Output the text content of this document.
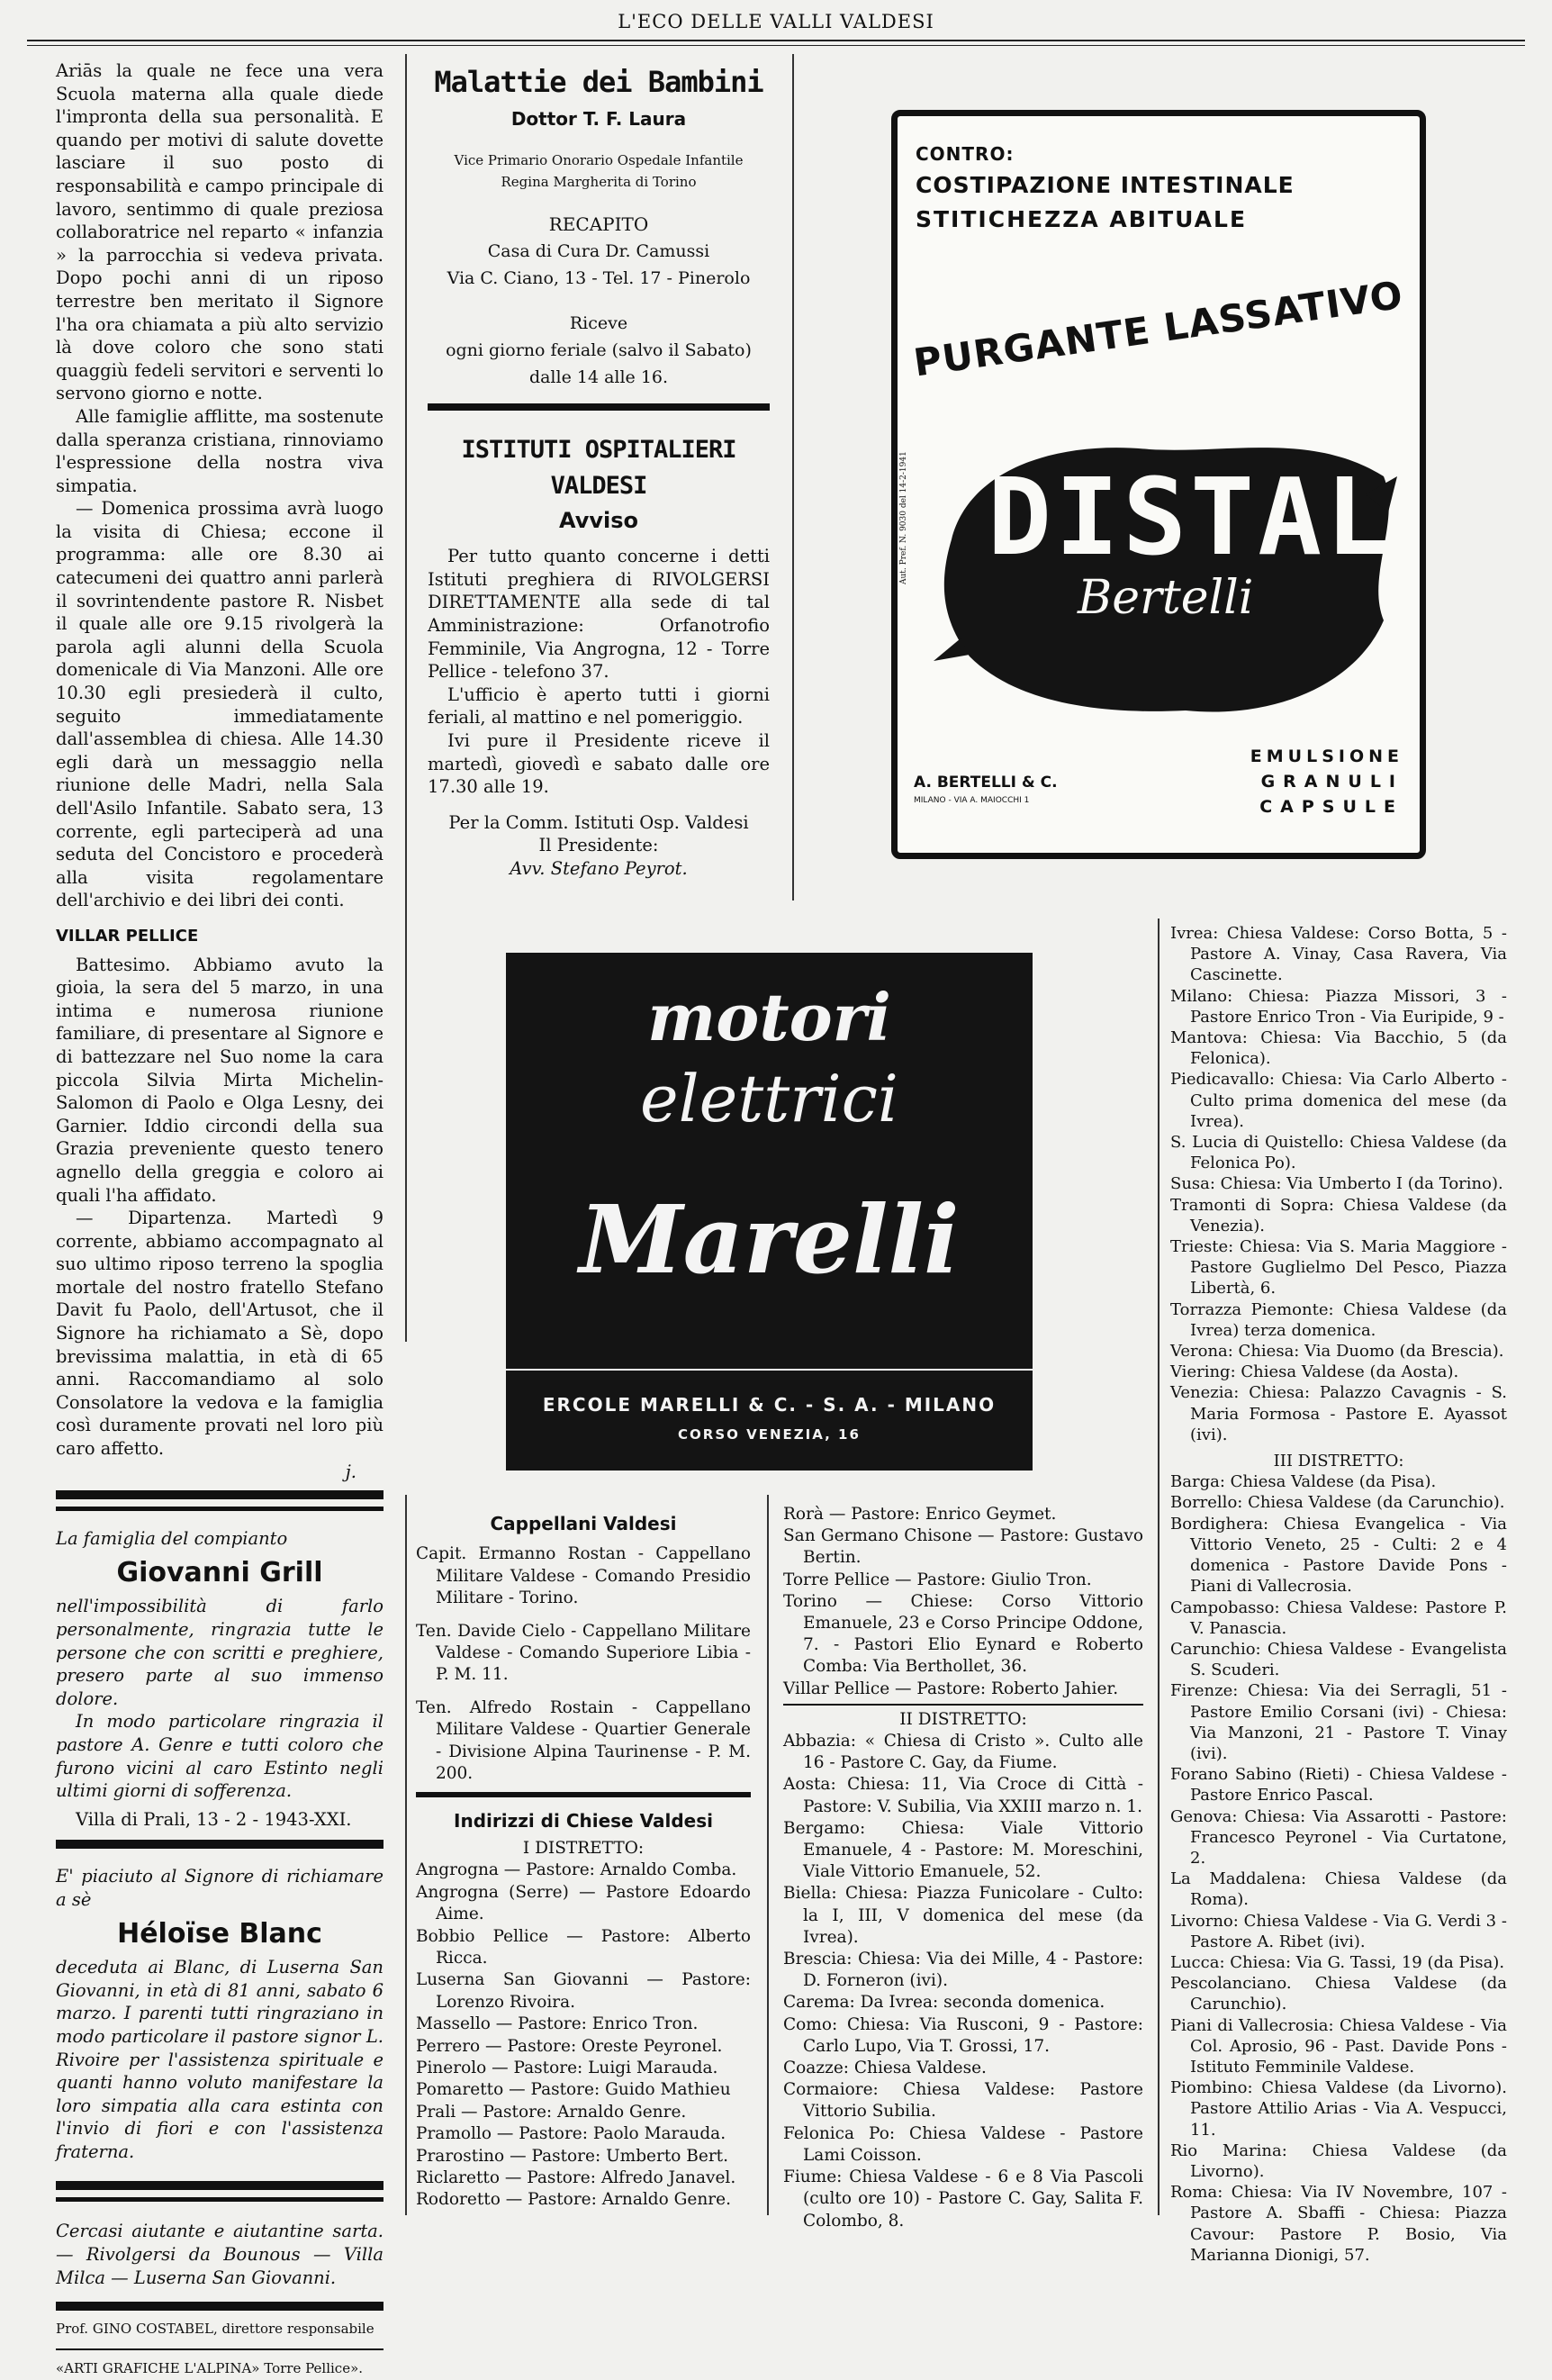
L'ECO DELLE VALLI VALDESI

Ariās la quale ne fece una vera Scuola materna alla quale diede l'impronta della sua personalità. E quando per motivi di salute dovette lasciare il suo posto di responsabilità e campo principale di lavoro, sentimmo di quale preziosa collaboratrice nel reparto « infanzia » la parrocchia si vedeva privata. Dopo pochi anni di un riposo terrestre ben meritato il Signore l'ha ora chiamata a più alto servizio là dove coloro che sono stati quaggiù fedeli servitori e serventi lo servono giorno e notte.

Alle famiglie afflitte, ma sostenute dalla speranza cristiana, rinnoviamo l'espressione della nostra viva simpatia.

— Domenica prossima avrà luogo la visita di Chiesa; eccone il programma: alle ore 8.30 ai catecumeni dei quattro anni parlerà il sovrintendente pastore R. Nisbet il quale alle ore 9.15 rivolgerà la parola agli alunni della Scuola domenicale di Via Manzoni. Alle ore 10.30 egli presiederà il culto, seguito immediatamente dall'assemblea di chiesa. Alle 14.30 egli darà un messaggio nella riunione delle Madri, nella Sala dell'Asilo Infantile. Sabato sera, 13 corrente, egli parteciperà ad una seduta del Concistoro e procederà alla visita regolamentare dell'archivio e dei libri dei conti.

VILLAR PELLICE

Battesimo. Abbiamo avuto la gioia, la sera del 5 marzo, in una intima e numerosa riunione familiare, di presentare al Signore e di battezzare nel Suo nome la cara piccola Silvia Mirta Michelin-Salomon di Paolo e Olga Lesny, dei Garnier. Iddio circondi della sua Grazia preveniente questo tenero agnello della greggia e coloro ai quali l'ha affidato.

— Dipartenza. Martedì 9 corrente, abbiamo accompagnato al suo ultimo riposo terreno la spoglia mortale del nostro fratello Stefano Davit fu Paolo, dell'Artusot, che il Signore ha richiamato a Sè, dopo brevissima malattia, in età di 65 anni. Raccomandiamo al solo Consolatore la vedova e la famiglia così duramente provati nel loro più caro affetto.

j.

La famiglia del compianto

Giovanni Grill

nell'impossibilità di farlo personalmente, ringrazia tutte le persone che con scritti e preghiere, presero parte al suo immenso dolore.

In modo particolare ringrazia il pastore A. Genre e tutti coloro che furono vicini al caro Estinto negli ultimi giorni di sofferenza.

Villa di Prali, 13 - 2 - 1943-XXI.

E' piaciuto al Signore di richiamare a sè

Héloïse Blanc

deceduta ai Blanc, di Luserna San Giovanni, in età di 81 anni, sabato 6 marzo. I parenti tutti ringraziano in modo particolare il pastore signor L. Rivoire per l'assistenza spirituale e quanti hanno voluto manifestare la loro simpatia alla cara estinta con l'invio di fiori e con l'assistenza fraterna.

Cercasi aiutante e aiutantine sarta. — Rivolgersi da Bounous — Villa Milca — Luserna San Giovanni.

Prof. GINO COSTABEL, direttore responsabile

«ARTI GRAFICHE L'ALPINA» Torre Pellice».

Malattie dei Bambini
Dottor T. F. Laura
Vice Primario Onorario Ospedale Infantile
Regina Margherita di Torino
RECAPITO
Casa di Cura Dr. Camussi
Via C. Ciano, 13 - Tel. 17 - Pinerolo
Riceve
ogni giorno feriale (salvo il Sabato)
dalle 14 alle 16.
ISTITUTI OSPITALIERI VALDESI
Avviso

Per tutto quanto concerne i detti Istituti preghiera di RIVOLGERSI DIRETTAMENTE alla sede di tal Amministrazione: Orfanotrofio Femminile, Via Angrogna, 12 - Torre Pellice - telefono 37.

L'ufficio è aperto tutti i giorni feriali, al mattino e nel pomeriggio.

Ivi pure il Presidente riceve il martedì, giovedì e sabato dalle ore 17.30 alle 19.

Per la Comm. Istituti Osp. Valdesi

Il Presidente:

Avv. Stefano Peyrot.

CONTRO:
COSTIPAZIONE INTESTINALE
STITICHEZZA ABITUALE
PURGANTE LASSATIVO
DISTAL
Bertelli
Aut. Pref. N. 9030 del 14-2-1941
A. BERTELLI & C.
MILANO - VIA A. MAIOCCHI 1
EMULSIONE
GRANULI
CAPSULE
motori
elettrici
Marelli
ERCOLE MARELLI & C. - S. A. - MILANO
CORSO VENEZIA, 16
Cappellani Valdesi

Capit. Ermanno Rostan - Cappellano Militare Valdese - Comando Presidio Militare - Torino.

Ten. Davide Cielo - Cappellano Militare Valdese - Comando Superiore Libia - P. M. 11.

Ten. Alfredo Rostain - Cappellano Militare Valdese - Quartier Generale - Divisione Alpina Taurinense - P. M. 200.

Indirizzi di Chiese Valdesi
I DISTRETTO:

Angrogna — Pastore: Arnaldo Comba.

Angrogna (Serre) — Pastore Edoardo Aime.

Bobbio Pellice — Pastore: Alberto Ricca.

Luserna San Giovanni — Pastore: Lorenzo Rivoira.

Massello — Pastore: Enrico Tron.

Perrero — Pastore: Oreste Peyronel.

Pinerolo — Pastore: Luigi Marauda.

Pomaretto — Pastore: Guido Mathieu

Prali — Pastore: Arnaldo Genre.

Pramollo — Pastore: Paolo Marauda.

Prarostino — Pastore: Umberto Bert.

Riclaretto — Pastore: Alfredo Janavel.

Rodoretto — Pastore: Arnaldo Genre.

Rorà — Pastore: Enrico Geymet.

San Germano Chisone — Pastore: Gustavo Bertin.

Torre Pellice — Pastore: Giulio Tron.

Torino — Chiese: Corso Vittorio Emanuele, 23 e Corso Principe Oddone, 7. - Pastori Elio Eynard e Roberto Comba: Via Berthollet, 36.

Villar Pellice — Pastore: Roberto Jahier.

II DISTRETTO:

Abbazia: « Chiesa di Cristo ». Culto alle 16 - Pastore C. Gay, da Fiume.

Aosta: Chiesa: 11, Via Croce di Città - Pastore: V. Subilia, Via XXIII marzo n. 1.

Bergamo: Chiesa: Viale Vittorio Emanuele, 4 - Pastore: M. Moreschini, Viale Vittorio Emanuele, 52.

Biella: Chiesa: Piazza Funicolare - Culto: la I, III, V domenica del mese (da Ivrea).

Brescia: Chiesa: Via dei Mille, 4 - Pastore: D. Forneron (ivi).

Carema: Da Ivrea: seconda domenica.

Como: Chiesa: Via Rusconi, 9 - Pastore: Carlo Lupo, Via T. Grossi, 17.

Coazze: Chiesa Valdese.

Cormaiore: Chiesa Valdese: Pastore Vittorio Subilia.

Felonica Po: Chiesa Valdese - Pastore Lami Coisson.

Fiume: Chiesa Valdese - 6 e 8 Via Pascoli (culto ore 10) - Pastore C. Gay, Salita F. Colombo, 8.

Ivrea: Chiesa Valdese: Corso Botta, 5 - Pastore A. Vinay, Casa Ravera, Via Cascinette.

Milano: Chiesa: Piazza Missori, 3 - Pastore Enrico Tron - Via Euripide, 9 -

Mantova: Chiesa: Via Bacchio, 5 (da Felonica).

Piedicavallo: Chiesa: Via Carlo Alberto - Culto prima domenica del mese (da Ivrea).

S. Lucia di Quistello: Chiesa Valdese (da Felonica Po).

Susa: Chiesa: Via Umberto I (da Torino).

Tramonti di Sopra: Chiesa Valdese (da Venezia).

Trieste: Chiesa: Via S. Maria Maggiore - Pastore Guglielmo Del Pesco, Piazza Libertà, 6.

Torrazza Piemonte: Chiesa Valdese (da Ivrea) terza domenica.

Verona: Chiesa: Via Duomo (da Brescia).

Viering: Chiesa Valdese (da Aosta).

Venezia: Chiesa: Palazzo Cavagnis - S. Maria Formosa - Pastore E. Ayassot (ivi).

III DISTRETTO:

Barga: Chiesa Valdese (da Pisa).

Borrello: Chiesa Valdese (da Carunchio).

Bordighera: Chiesa Evangelica - Via Vittorio Veneto, 25 - Culti: 2 e 4 domenica - Pastore Davide Pons - Piani di Vallecrosia.

Campobasso: Chiesa Valdese: Pastore P. V. Panascia.

Carunchio: Chiesa Valdese - Evangelista S. Scuderi.

Firenze: Chiesa: Via dei Serragli, 51 - Pastore Emilio Corsani (ivi) - Chiesa: Via Manzoni, 21 - Pastore T. Vinay (ivi).

Forano Sabino (Rieti) - Chiesa Valdese - Pastore Enrico Pascal.

Genova: Chiesa: Via Assarotti - Pastore: Francesco Peyronel - Via Curtatone, 2.

La Maddalena: Chiesa Valdese (da Roma).

Livorno: Chiesa Valdese - Via G. Verdi 3 - Pastore A. Ribet (ivi).

Lucca: Chiesa: Via G. Tassi, 19 (da Pisa).

Pescolanciano. Chiesa Valdese (da Carunchio).

Piani di Vallecrosia: Chiesa Valdese - Via Col. Aprosio, 96 - Past. Davide Pons - Istituto Femminile Valdese.

Piombino: Chiesa Valdese (da Livorno). Pastore Attilio Arias - Via A. Vespucci, 11.

Rio Marina: Chiesa Valdese (da Livorno).

Roma: Chiesa: Via IV Novembre, 107 - Pastore A. Sbaffi - Chiesa: Piazza Cavour: Pastore P. Bosio, Via Marianna Dionigi, 57.
